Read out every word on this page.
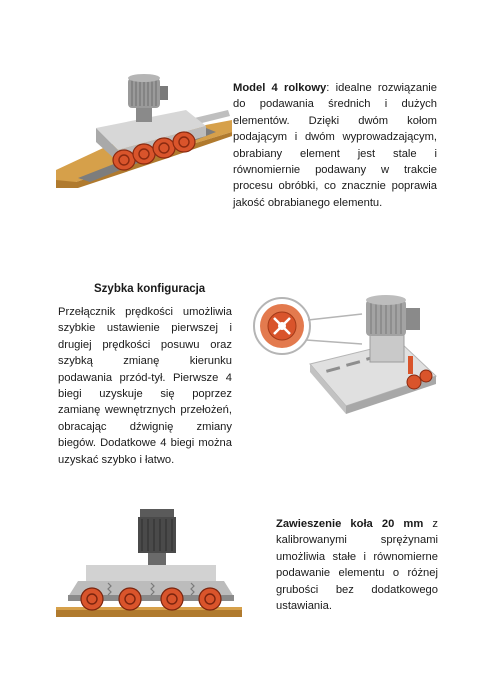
Model 4 rolkowy: idealne rozwiązanie do podawania średnich i dużych elementów. Dzięki dwóm kołom podającym i dwóm wyprowadzającym, obrabiany element jest stale i równomiernie podawany w trakcie procesu obróbki, co znacznie poprawia jakość obrabianego elementu.

Szybka konfiguracja

Przełącznik prędkości umożliwia szybkie ustawienie pierwszej i drugiej prędkości posuwu oraz szybką zmianę kierunku podawania przód-tył. Pierwsze 4 biegi uzyskuje się poprzez zamianę wewnętrznych przełożeń, obracając dźwignię zmiany biegów. Dodatkowe 4 biegi można uzyskać szybko i łatwo.

Zawieszenie koła 20 mm z kalibrowanymi sprężynami umożliwia stałe i równomierne podawanie elementu o różnej grubości bez dodatkowego ustawiania.
